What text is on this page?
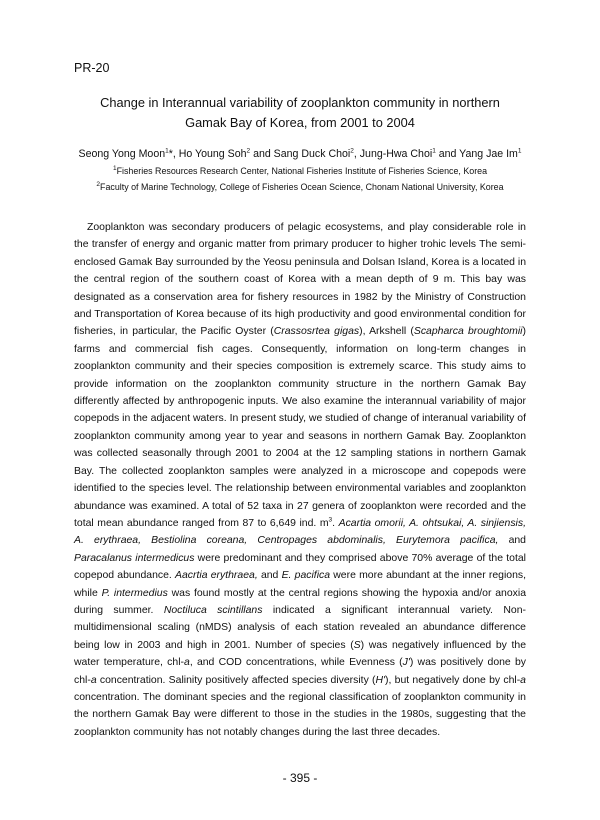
PR-20
Change in Interannual variability of zooplankton community in northern
Gamak Bay of Korea, from 2001 to 2004
Seong Yong Moon$^1$*, Ho Young Soh$^2$ and Sang Duck Choi$^2$, Jung-Hwa Choi$^1$ and Yang Jae Im$^1$
$^1$Fisheries Resources Research Center, National Fisheries Institute of Fisheries Science, Korea
$^2$Faculty of Marine Technology, College of Fisheries Ocean Science, Chonam National University, Korea

Zooplankton was secondary producers of pelagic ecosystems, and play considerable role in the transfer of energy and organic matter from primary producer to higher trohic levels The semi-enclosed Gamak Bay surrounded by the Yeosu peninsula and Dolsan Island, Korea is a located in the central region of the southern coast of Korea with a mean depth of 9 m. This bay was designated as a conservation area for fishery resources in 1982 by the Ministry of Construction and Transportation of Korea because of its high productivity and good environmental condition for fisheries, in particular, the Pacific Oyster (Crassosrtea gigas), Arkshell (Scapharca broughtomii) farms and commercial fish cages. Consequently, information on long-term changes in zooplankton community and their species composition is extremely scarce. This study aims to provide information on the zooplankton community structure in the northern Gamak Bay differently affected by anthropogenic inputs. We also examine the interannual variability of major copepods in the adjacent waters. In present study, we studied of change of interanual variability of zooplankton community among year to year and seasons in northern Gamak Bay. Zooplankton was collected seasonally through 2001 to 2004 at the 12 sampling stations in northern Gamak Bay. The collected zooplankton samples were analyzed in a microscope and copepods were identified to the species level. The relationship between environmental variables and zooplankton abundance was examined. A total of 52 taxa in 27 genera of zooplankton were recorded and the total mean abundance ranged from 87 to 6,649 ind. $m^3$. Acartia omorii, A. ohtsukai, A. sinjiensis, A. erythraea, Bestiolina coreana, Centropages abdominalis, Eurytemora pacifica, and Paracalanus intermedicus were predominant and they comprised above 70% average of the total copepod abundance. Aacrtia erythraea, and E. pacifica were more abundant at the inner regions, while P. intermedius was found mostly at the central regions showing the hypoxia and/or anoxia during summer. Noctiluca scintillans indicated a significant interannual variety. Non-multidimensional scaling (nMDS) analysis of each station revealed an abundance difference being low in 2003 and high in 2001. Number of species (S) was negatively influenced by the water temperature, chl-a, and COD concentrations, while Evenness (J') was positively done by chl-a concentration. Salinity positively affected species diversity (H'), but negatively done by chl-a concentration. The dominant species and the regional classification of zooplankton community in the northern Gamak Bay were different to those in the studies in the 1980s, suggesting that the zooplankton community has not notably changes during the last three decades.

- 395 -
